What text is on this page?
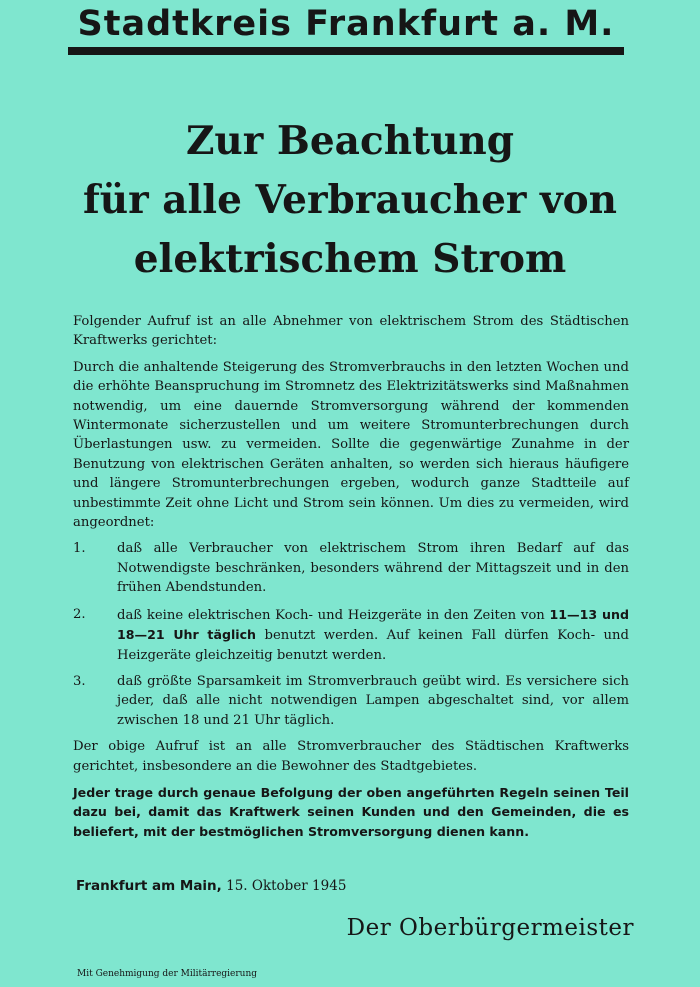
Stadtkreis Frankfurt a. M.
Zur Beachtung
für alle Verbraucher von
elektrischem Strom

Folgender Aufruf ist an alle Abnehmer von elektrischem Strom des Städtischen Kraftwerks gerichtet:

Durch die anhaltende Steigerung des Stromverbrauchs in den letzten Wochen und die erhöhte Beanspruchung im Stromnetz des Elektrizitätswerks sind Maßnahmen notwendig, um eine dauernde Stromversorgung während der kommenden Wintermonate sicherzustellen und um weitere Stromunterbrechungen durch Überlastungen usw. zu vermeiden. Sollte die gegenwärtige Zunahme in der Benutzung von elektrischen Geräten anhalten, so werden sich hieraus häufigere und längere Stromunterbrechungen ergeben, wodurch ganze Stadtteile auf unbestimmte Zeit ohne Licht und Strom sein können. Um dies zu vermeiden, wird angeordnet:

1. daß alle Verbraucher von elektrischem Strom ihren Bedarf auf das Notwendigste beschränken, besonders während der Mittagszeit und in den frühen Abendstunden.
2. daß keine elektrischen Koch- und Heizgeräte in den Zeiten von 11—13 und 18—21 Uhr täglich benutzt werden. Auf keinen Fall dürfen Koch- und Heizgeräte gleichzeitig benutzt werden.
3. daß größte Sparsamkeit im Stromverbrauch geübt wird. Es versichere sich jeder, daß alle nicht notwendigen Lampen abgeschaltet sind, vor allem zwischen 18 und 21 Uhr täglich.

Der obige Aufruf ist an alle Stromverbraucher des Städtischen Kraftwerks gerichtet, insbesondere an die Bewohner des Stadtgebietes.

Jeder trage durch genaue Befolgung der oben angeführten Regeln seinen Teil dazu bei, damit das Kraftwerk seinen Kunden und den Gemeinden, die es beliefert, mit der bestmöglichen Stromversorgung dienen kann.

Frankfurt am Main, 15. Oktober 1945
Der Oberbürgermeister
Mit Genehmigung der Militärregierung
